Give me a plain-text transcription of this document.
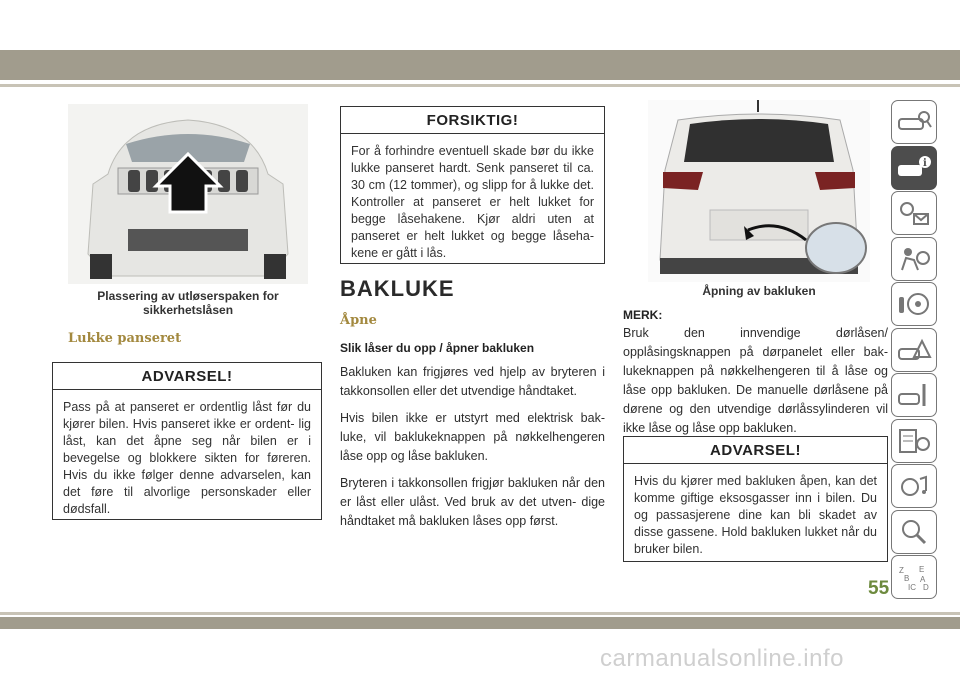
Plassering av utløserspaken for
sikkerhetslåsen
Åpning av bakluken
Lukke panseret
ADVARSEL!
Pass på at panseret er ordentlig låst før du kjører bilen. Hvis panseret ikke er ordent- lig låst, kan det åpne seg når bilen er i bevegelse og blokkere sikten for føreren. Hvis du ikke følger denne advarselen, kan det føre til alvorlige personskader eller dødsfall.
FORSIKTIG!
For å forhindre eventuell skade bør du ikke lukke panseret hardt. Senk panseret til ca. 30 cm (12 tommer), og slipp for å lukke det. Kontroller at panseret er helt lukket for begge låsehakene. Kjør aldri uten at panseret er helt lukket og begge låseha- kene er gått i lås.
BAKLUKE
Åpne
Slik låser du opp / åpner bakluken

Bakluken kan frigjøres ved hjelp av bryteren i takkonsollen eller det utvendige håndtaket.

Hvis bilen ikke er utstyrt med elektrisk bak- luke, vil baklukeknappen på nøkkelhengeren låse opp og låse bakluken.

Bryteren i takkonsollen frigjør bakluken når den er låst eller ulåst. Ved bruk av det utven- dige håndtaket må bakluken låses opp først.

MERK:
Bruk den innvendige dørlåsen/ opplåsingsknappen på dørpanelet eller bak- lukeknappen på nøkkelhengeren til å låse og låse opp bakluken. De manuelle dørlåsene på dørene og den utvendige dørlåssylinderen vil ikke låse og låse opp bakluken.
ADVARSEL!
Hvis du kjører med bakluken åpen, kan det komme giftige eksosgasser inn i bilen. Du og passasjerene dine kan bli skadet av disse gassene. Hold bakluken lukket når du bruker bilen.
i
Z E
B A
IC D
55
carmanualsonline.info
